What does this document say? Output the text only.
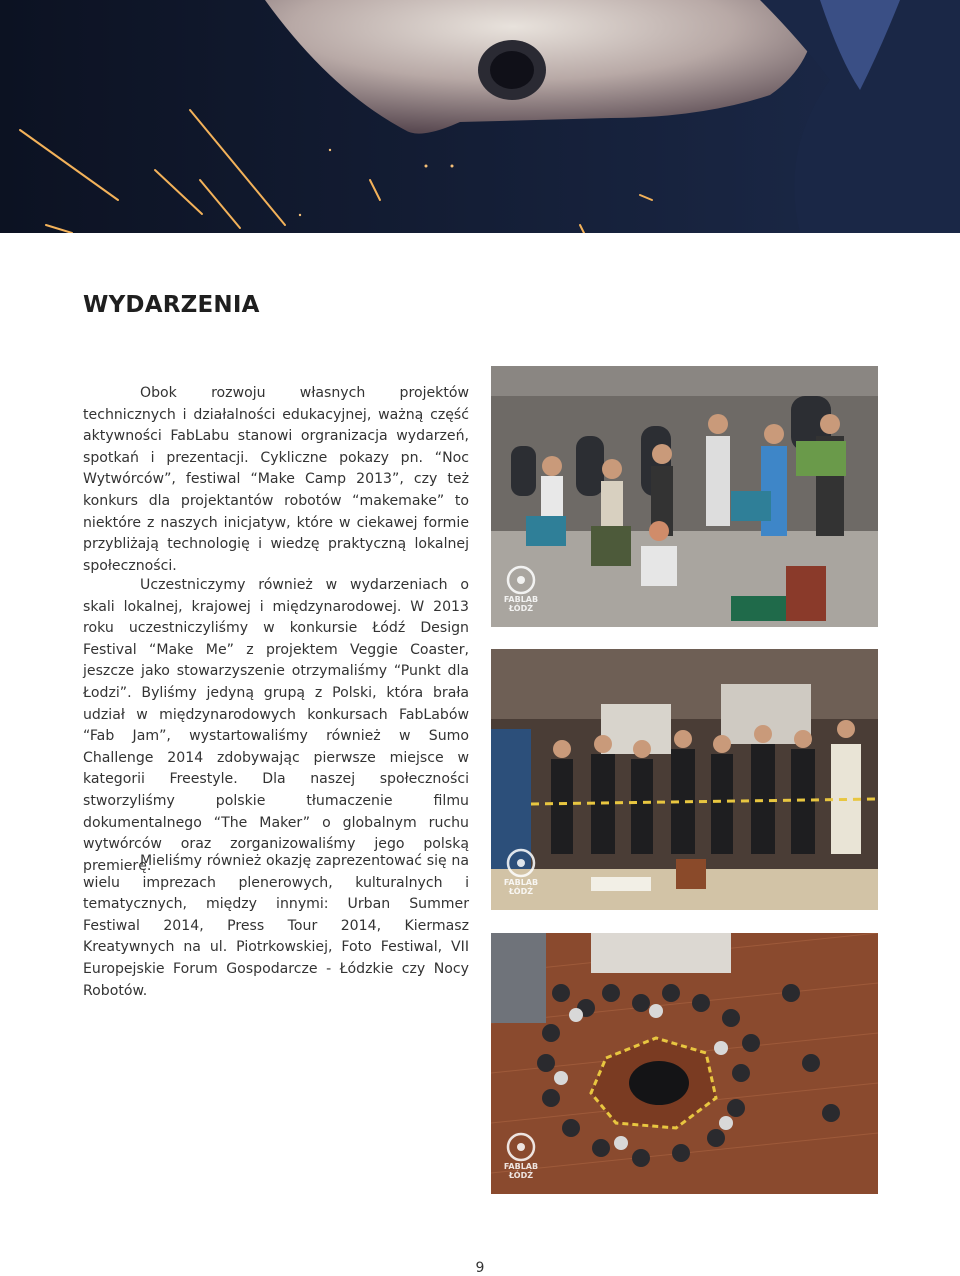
WYDARZENIA

Obok rozwoju własnych projektów technicznych i działalności edukacyjnej, ważną część aktywności FabLabu stanowi orgranizacja wydarzeń, spotkań i prezentacji. Cykliczne pokazy pn. “Noc Wytwórców”, festiwal “Make Camp 2013”, czy też konkurs dla projektantów robotów “makemake” to niektóre z naszych inicjatyw, które w ciekawej formie przybliżają technologię i wiedzę praktyczną lokalnej społeczności.

Uczestniczymy również w wydarzeniach o skali lokalnej, krajowej i międzynarodowej. W 2013 roku uczestniczyliśmy w konkursie Łódź Design Festival “Make Me” z projektem Veggie Coaster, jeszcze jako stowarzyszenie otrzymaliśmy “Punkt dla Łodzi”. Byliśmy jedyną grupą z Polski, która brała udział w międzynarodowych konkursach FabLabów “Fab Jam”, wystartowaliśmy również w Sumo Challenge 2014 zdobywając pierwsze miejsce w kategorii Freestyle. Dla naszej społeczności stworzyliśmy polskie tłumaczenie filmu dokumentalnego “The Maker” o globalnym ruchu wytwórców oraz zorganizowaliśmy jego polską premierę.

Mieliśmy również okazję zaprezentować się na wielu imprezach plenerowych, kulturalnych i tematycznych, między innymi: Urban Summer Festiwal 2014, Press Tour 2014, Kiermasz Kreatywnych na ul. Piotrkowskiej, Foto Festiwal, VII Europejskie Forum Gospodarcze - Łódzkie czy Nocy Robotów.

FABLAB
ŁÓDŹ
FABLAB
ŁÓDŹ
FABLAB
ŁÓDŹ
9
